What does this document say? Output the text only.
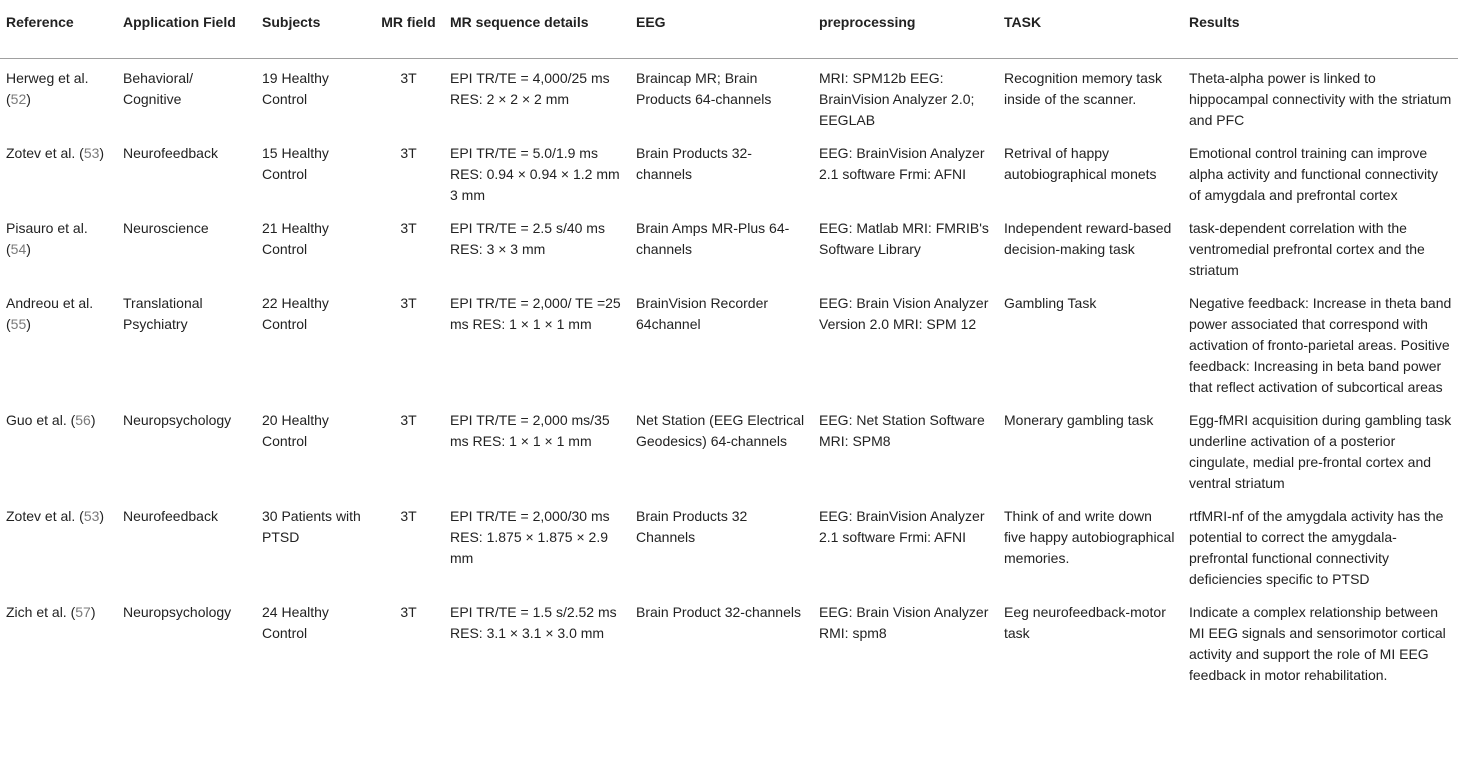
Reference	Application Field	Subjects	MR field	MR sequence details	EEG	preprocessing	TASK	Results
Herweg et al. (52)	Behavioral/ Cognitive	19 Healthy Control	3T	EPI TR/TE = 4,000/25 ms RES: 2 × 2 × 2 mm	Braincap MR; Brain Products 64-channels	MRI: SPM12b EEG: BrainVision Analyzer 2.0; EEGLAB	Recognition memory task inside of the scanner.	Theta-alpha power is linked to hippocampal connectivity with the striatum and PFC
Zotev et al. (53)	Neurofeedback	15 Healthy Control	3T	EPI TR/TE = 5.0/1.9 ms RES: 0.94 × 0.94 × 1.2 mm 3 mm	Brain Products 32-channels	EEG: BrainVision Analyzer 2.1 software Frmi: AFNI	Retrival of happy autobiographical monets	Emotional control training can improve alpha activity and functional connectivity of amygdala and prefrontal cortex
Pisauro et al. (54)	Neuroscience	21 Healthy Control	3T	EPI TR/TE = 2.5 s/40 ms RES: 3 × 3 mm	Brain Amps MR-Plus 64-channels	EEG: Matlab MRI: FMRIB's Software Library	Independent reward-based decision-making task	task-dependent correlation with the ventromedial prefrontal cortex and the striatum
Andreou et al. (55)	Translational Psychiatry	22 Healthy Control	3T	EPI TR/TE = 2,000/ TE =25 ms RES: 1 × 1 × 1 mm	BrainVision Recorder 64channel	EEG: Brain Vision Analyzer Version 2.0 MRI: SPM 12	Gambling Task	Negative feedback: Increase in theta band power associated that correspond with activation of fronto-parietal areas. Positive feedback: Increasing in beta band power that reflect activation of subcortical areas
Guo et al. (56)	Neuropsychology	20 Healthy Control	3T	EPI TR/TE = 2,000 ms/35 ms RES: 1 × 1 × 1 mm	Net Station (EEG Electrical Geodesics) 64-channels	EEG: Net Station Software MRI: SPM8	Monerary gambling task	Egg-fMRI acquisition during gambling task underline activation of a posterior cingulate, medial pre-frontal cortex and ventral striatum
Zotev et al. (53)	Neurofeedback	30 Patients with PTSD	3T	EPI TR/TE = 2,000/30 ms RES: 1.875 × 1.875 × 2.9 mm	Brain Products 32 Channels	EEG: BrainVision Analyzer 2.1 software Frmi: AFNI	Think of and write down five happy autobiographical memories.	rtfMRI-nf of the amygdala activity has the potential to correct the amygdala-prefrontal functional connectivity deficiencies specific to PTSD
Zich et al. (57)	Neuropsychology	24 Healthy Control	3T	EPI TR/TE = 1.5 s/2.52 ms RES: 3.1 × 3.1 × 3.0 mm	Brain Product 32-channels	EEG: Brain Vision Analyzer RMI: spm8	Eeg neurofeedback-motor task	Indicate a complex relationship between MI EEG signals and sensorimotor cortical activity and support the role of MI EEG feedback in motor rehabilitation.
